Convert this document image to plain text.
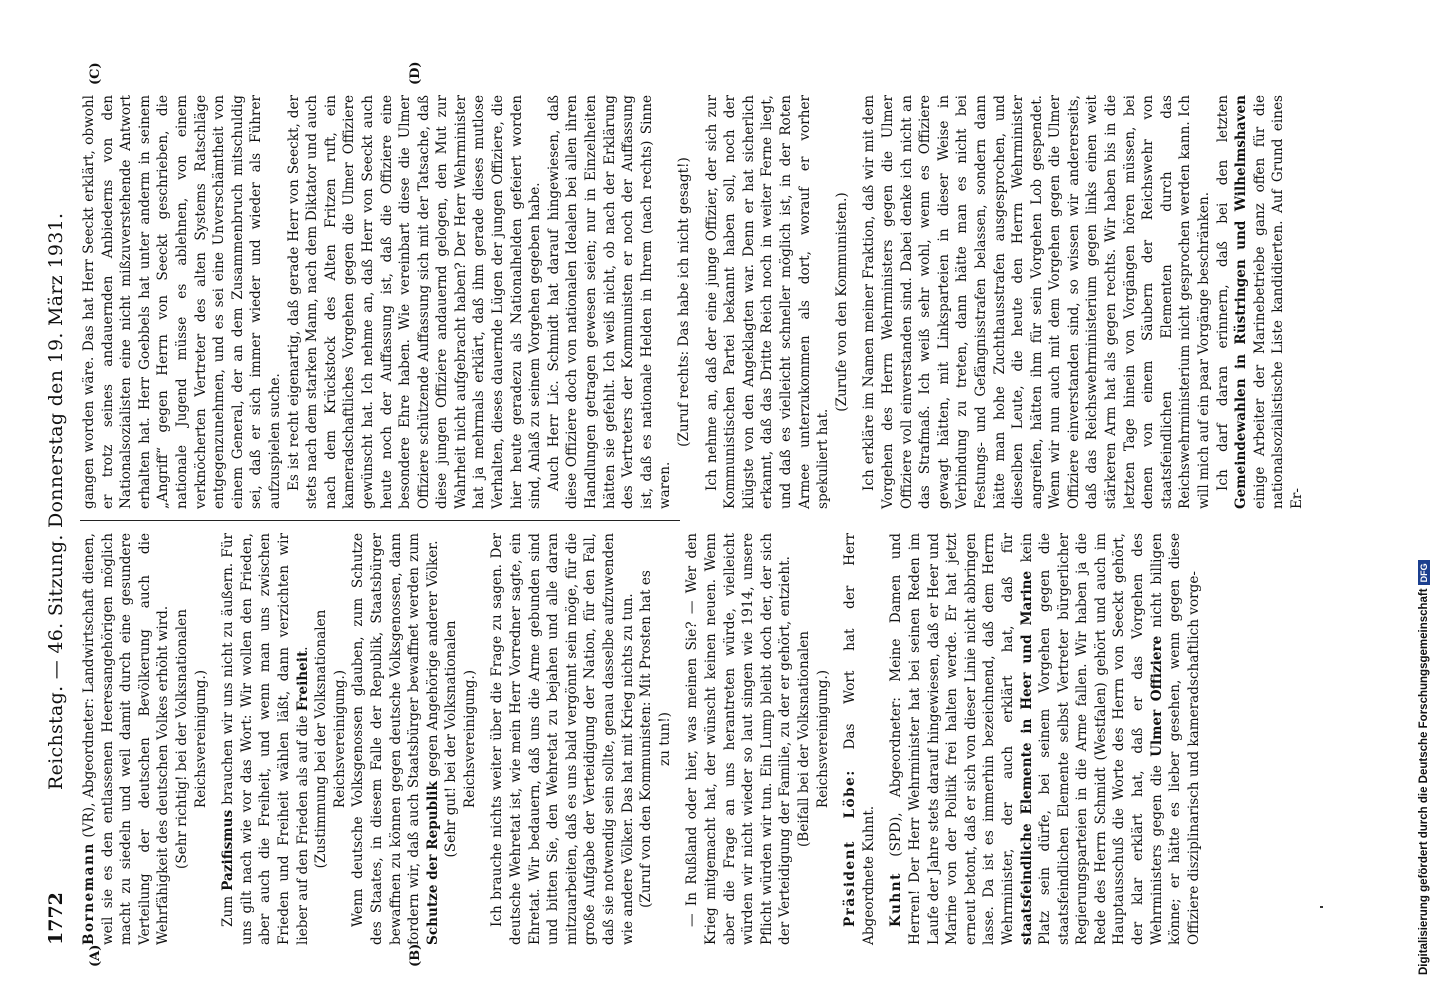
1772
Reichstag. — 46. Sitzung. Donnerstag den 19. März 1931.
(A)	(B)
(C)	(D)

Bornemann (VR), Abgeordneter: Landwirtschaft dienen, weil sie es den entlassenen Heeresangehörigen möglich macht zu siedeln und weil damit durch eine gesundere Verteilung der deutschen Bevölkerung auch die Wehrfähigkeit des deutschen Volkes erhöht wird. (Sehr richtig! bei der Volksnationalen Reichsvereinigung.)

Zum Pazifismus brauchen wir uns nicht zu äußern. Für uns gilt nach wie vor das Wort: Wir wollen den Frieden, aber auch die Freiheit, und wenn man uns zwischen Frieden und Freiheit wählen läßt, dann verzichten wir lieber auf den Frieden als auf die Freiheit. (Zustimmung bei der Volksnationalen Reichsvereinigung.) Wenn deutsche Volksgenossen glauben, zum Schutze des Staates, in diesem Falle der Republik, Staatsbürger bewaffnen zu können gegen deutsche Volksgenossen, dann fordern wir, daß auch Staatsbürger bewaffnet werden zum Schutze der Republik gegen Angehörige anderer Völker. (Sehr gut! bei der Volksnationalen Reichsvereinigung.) Ich brauche nichts weiter über die Frage zu sagen. Der deutsche Wehretat ist, wie mein Herr Vorredner sagte, ein Ehretat. Wir bedauern, daß uns die Arme gebunden sind und bitten Sie, den Wehretat zu bejahen und alle daran mitzuarbeiten, daß es uns bald vergönnt sein möge, für die große Aufgabe der Verteidigung der Nation, für den Fall, daß sie notwendig sein sollte, genau dasselbe aufzuwenden wie andere Völker. Das hat mit Krieg nichts zu tun. (Zuruf von den Kommunisten: Mit Prosten hat es zu tun!) — In Rußland oder hier, was meinen Sie? — Wer den Krieg mitgemacht hat, der wünscht keinen neuen. Wenn aber die Frage an uns herantreten würde, vielleicht würden wir nicht wieder so laut singen wie 1914, unsere Pflicht würden wir tun. Ein Lump bleibt doch der, der sich der Verteidigung der Familie, zu der er gehört, entzieht. (Beifall bei der Volksnationalen Reichsvereinigung.)

Präsident Löbe: Das Wort hat der Herr Abgeordnete Kuhnt. Kuhnt (SPD), Abgeordneter: Meine Damen und Herren! Der Herr Wehrminister hat bei seinen Reden im Laufe der Jahre stets darauf hingewiesen, daß er Heer und Marine von der Politik frei halten werde. Er hat jetzt erneut betont, daß er sich von dieser Linie nicht abbringen lasse. Da ist es immerhin bezeichnend, daß dem Herrn Wehrminister, der auch erklärt hat, daß für staatsfeindliche Elemente in Heer und Marine kein Platz sein dürfe, bei seinem Vorgehen gegen die staatsfeindlichen Elemente selbst Vertreter bürgerlicher Regierungsparteien in die Arme fallen. Wir haben ja die Rede des Herrn Schmidt (Westfalen) gehört und auch im Hauptausschuß die Worte des Herrn von Seeckt gehört, der klar erklärt hat, daß er das Vorgehen des Wehrministers gegen die Ulmer Offiziere nicht billigen könne; er hätte es lieber gesehen, wenn gegen diese Offiziere disziplinarisch und kameradschaftlich vorge-

gangen worden wäre. Das hat Herr Seeckt erklärt, obwohl er trotz seines andauernden Anbiederns von den Nationalsozialisten eine nicht mißzuverstehende Antwort erhalten hat. Herr Goebbels hat unter anderm in seinem „Angriff“ gegen Herrn von Seeckt geschrieben, die nationale Jugend müsse es ablehnen, von einem verknöcherten Vertreter des alten Systems Ratschläge entgegenzunehmen, und es sei eine Unverschämtheit von einem General, der an dem Zusammenbruch mitschuldig sei, daß er sich immer wieder und wieder als Führer aufzuspielen suche. Es ist recht eigenartig, daß gerade Herr von Seeckt, der stets nach dem starken Mann, nach dem Diktator und auch nach dem Krückstock des Alten Fritzen ruft, ein kameradschaftliches Vorgehen gegen die Ulmer Offiziere gewünscht hat. Ich nehme an, daß Herr von Seeckt auch heute noch der Auffassung ist, daß die Offiziere eine besondere Ehre haben. Wie vereinbart diese die Ulmer Offiziere schützende Auffassung sich mit der Tatsache, daß diese jungen Offiziere andauernd gelogen, den Mut zur Wahrheit nicht aufgebracht haben? Der Herr Wehrminister hat ja mehrmals erklärt, daß ihm gerade dieses mutlose Verhalten, dieses dauernde Lügen der jungen Offiziere, die hier heute geradezu als Nationalhelden gefeiert worden sind, Anlaß zu seinem Vorgehen gegeben habe. Auch Herr Lic. Schmidt hat darauf hingewiesen, daß diese Offiziere doch von nationalen Idealen bei allen ihren Handlungen getragen gewesen seien; nur in Einzelheiten hätten sie gefehlt. Ich weiß nicht, ob nach der Erklärung des Vertreters der Kommunisten er noch der Auffassung ist, daß es nationale Helden in Ihrem (nach rechts) Sinne waren.

(Zuruf rechts: Das habe ich nicht gesagt!) Ich nehme an, daß der eine junge Offizier, der sich zur Kommunistischen Partei bekannt haben soll, noch der klügste von den Angeklagten war. Denn er hat sicherlich erkannt, daß das Dritte Reich noch in weiter Ferne liegt, und daß es vielleicht schneller möglich ist, in der Roten Armee unterzukommen als dort, worauf er vorher spekuliert hat.

(Zurufe von den Kommunisten.) Ich erkläre im Namen meiner Fraktion, daß wir mit dem Vorgehen des Herrn Wehrministers gegen die Ulmer Offiziere voll einverstanden sind. Dabei denke ich nicht an das Strafmaß. Ich weiß sehr wohl, wenn es Offiziere gewagt hätten, mit Linksparteien in dieser Weise in Verbindung zu treten, dann hätte man es nicht bei Festungs- und Gefängnisstrafen belassen, sondern dann hätte man hohe Zuchthausstrafen ausgesprochen, und dieselben Leute, die heute den Herrn Wehrminister angreifen, hätten ihm für sein Vorgehen Lob gespendet. Wenn wir nun auch mit dem Vorgehen gegen die Ulmer Offiziere einverstanden sind, so wissen wir andererseits, daß das Reichswehrministerium gegen links einen weit stärkeren Arm hat als gegen rechts. Wir haben bis in die letzten Tage hinein von Vorgängen hören müssen, bei denen von einem Säubern der Reichswehr von staatsfeindlichen Elementen durch das Reichswehrministerium nicht gesprochen werden kann. Ich will mich auf ein paar Vorgänge beschränken. Ich darf daran erinnern, daß bei den letzten Gemeindewahlen in Rüstringen und Wilhelmshaven einige Arbeiter der Marinebetriebe ganz offen für die nationalsozialistische Liste kandidierten. Auf Grund eines Er-

Digitalisierung gefördert durch die Deutsche ForschungsgemeinschaftDFG
